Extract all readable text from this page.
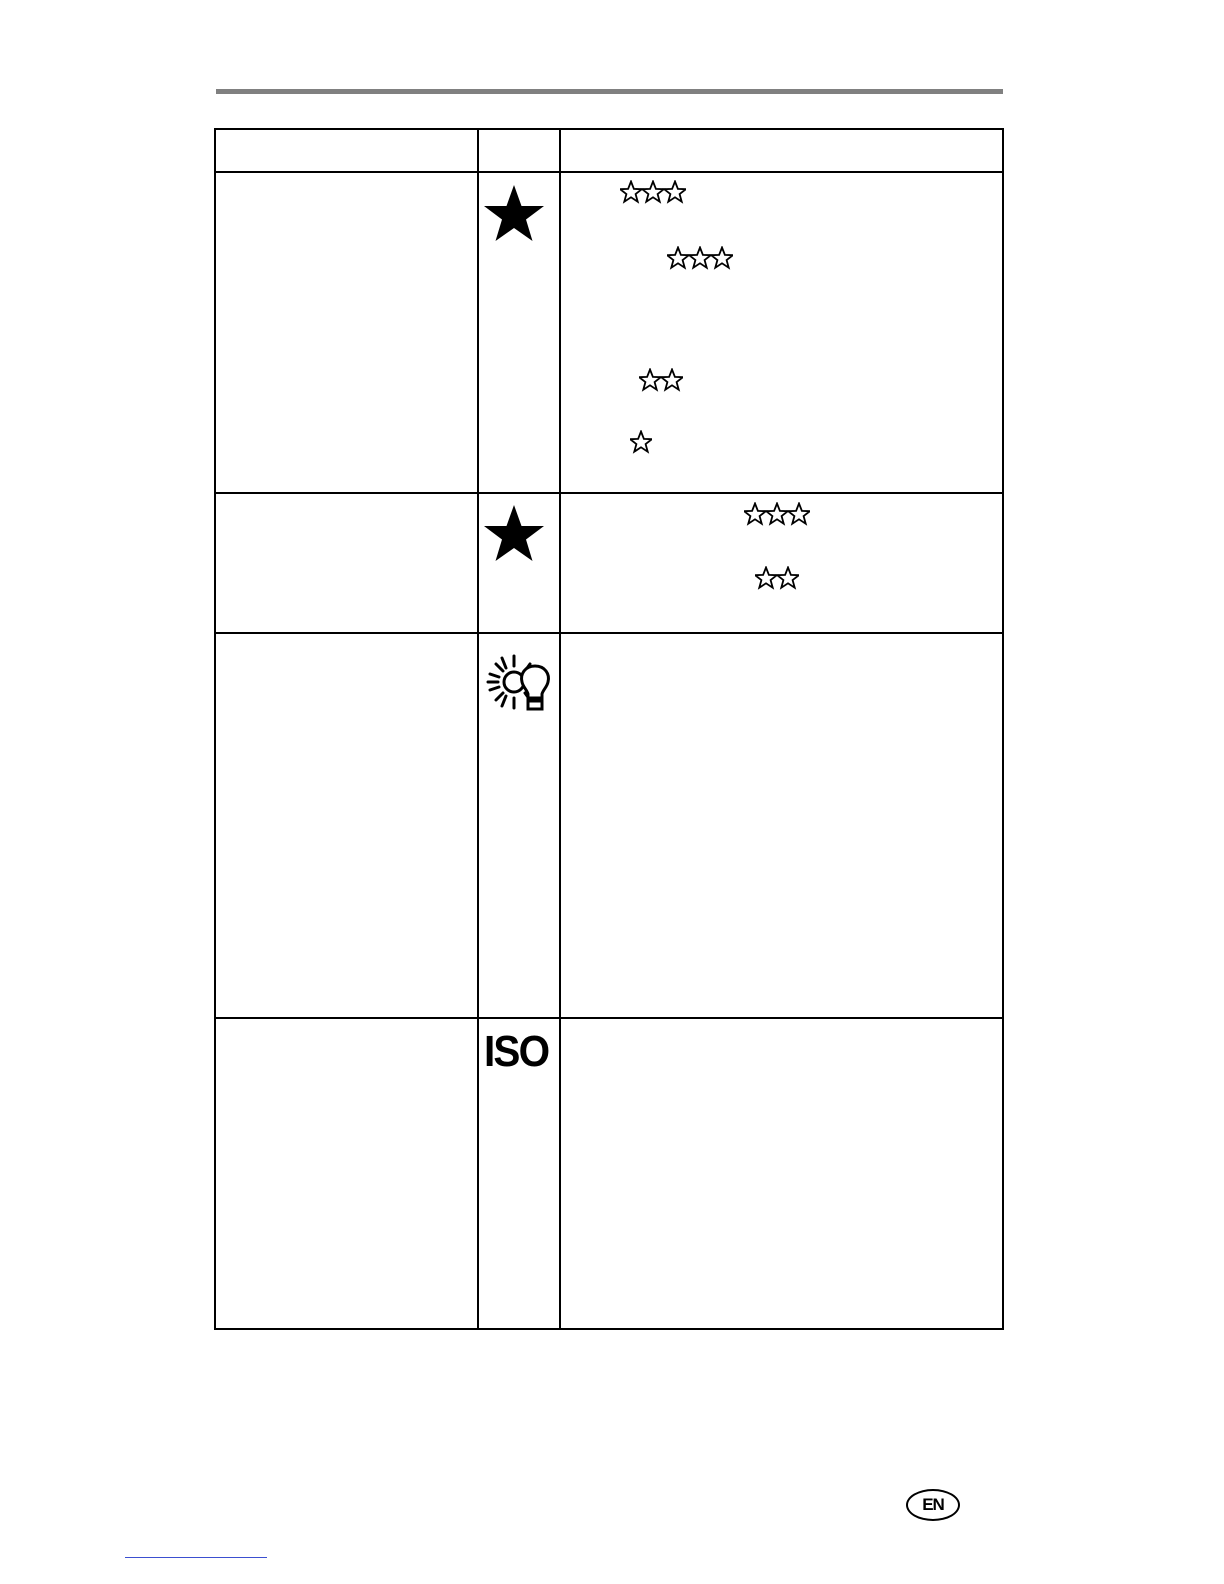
ISO
EN
